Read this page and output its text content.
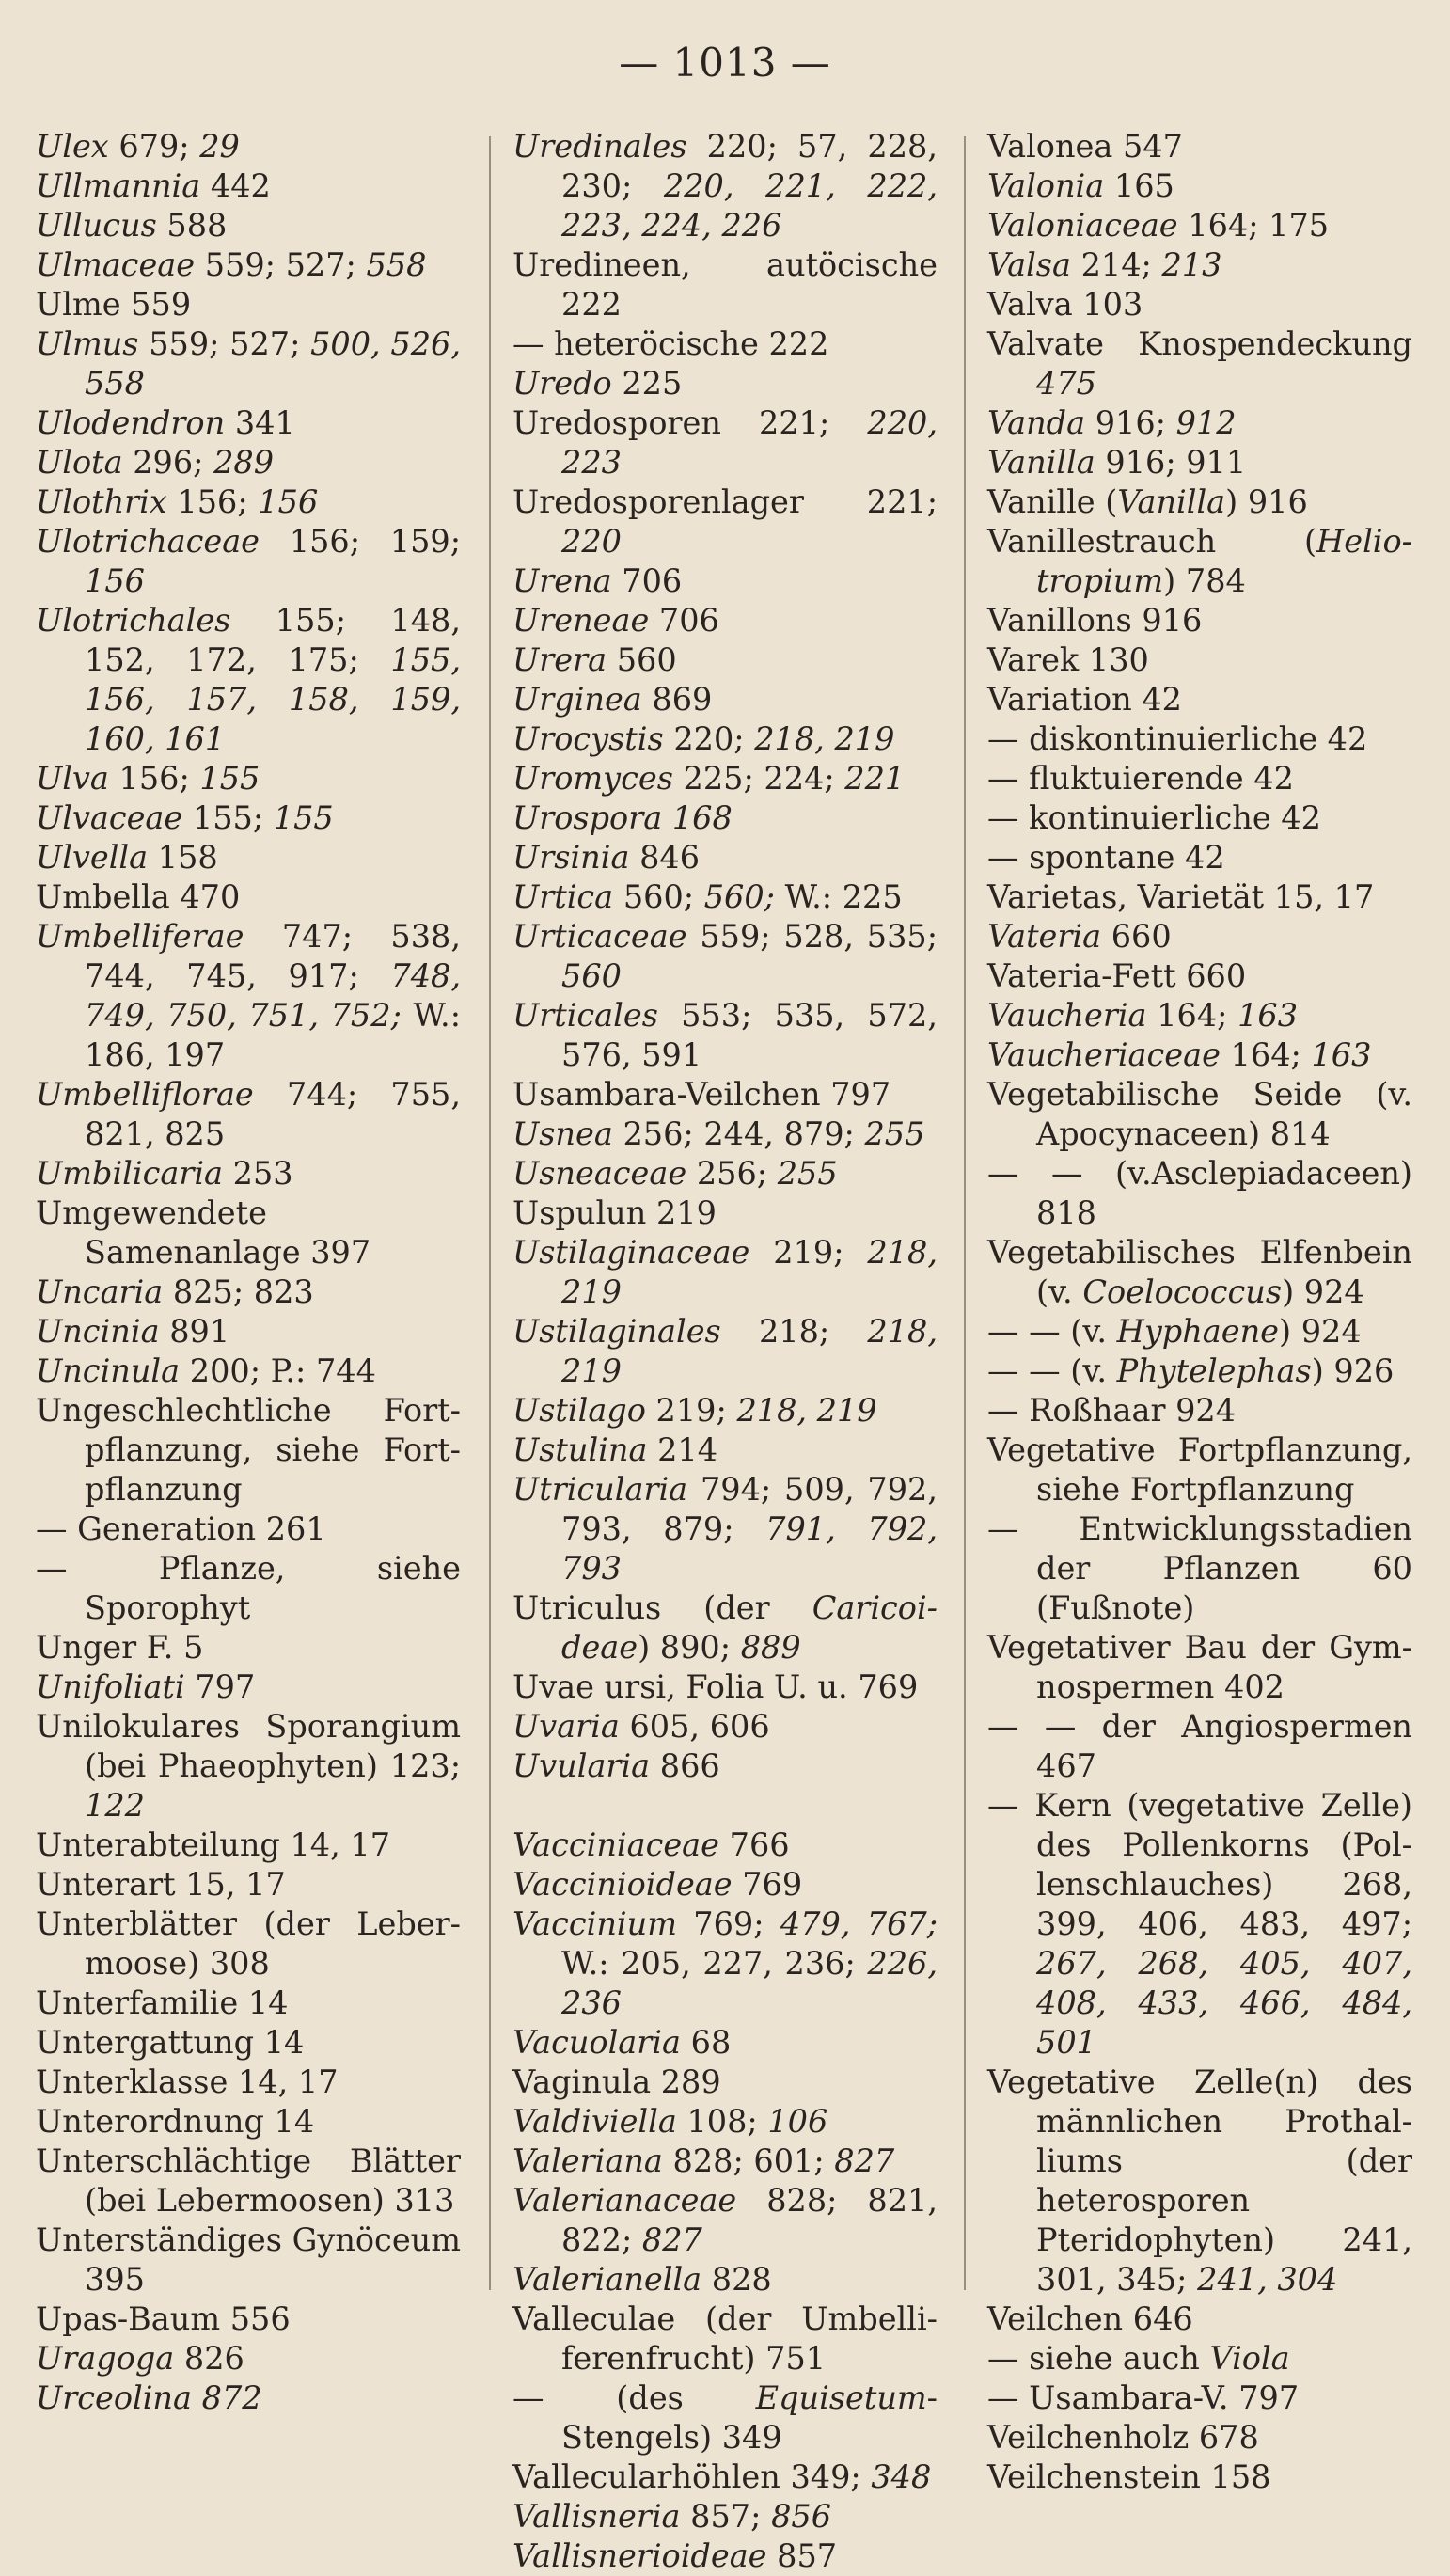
— 1013 —
Ulex 679; 29
Ullmannia 442
Ullucus 588
Ulmaceae 559; 527; 558
Ulme 559
Ulmus 559; 527; 500, 526, 558
Ulodendron 341
Ulota 296; 289
Ulothrix 156; 156
Ulotrichaceae 156; 159; 156
Ulotrichales 155; 148, 152, 172, 175; 155, 156, 157, 158, 159, 160, 161
Ulva 156; 155
Ulvaceae 155; 155
Ulvella 158
Umbella 470
Umbelliferae 747; 538, 744, 745, 917; 748, 749, 750, 751, 752; W.: 186, 197
Umbelliflorae 744; 755, 821, 825
Umbilicaria 253
Umgewendete Samenanlage 397
Uncaria 825; 823
Uncinia 891
Uncinula 200; P.: 744
Ungeschlechtliche Fort-pflanzung, siehe Fort-pflanzung
— Generation 261
— Pflanze, siehe Sporophyt
Unger F. 5
Unifoliati 797
Unilokulares Sporangium (bei Phaeophyten) 123; 122
Unterabteilung 14, 17
Unterart 15, 17
Unterblätter (der Leber-moose) 308
Unterfamilie 14
Untergattung 14
Unterklasse 14, 17
Unterordnung 14
Unterschlächtige Blätter (bei Lebermoosen) 313
Unterständiges Gynöceum 395
Upas-Baum 556
Uragoga 826
Urceolina 872
Uredinales 220; 57, 228, 230; 220, 221, 222, 223, 224, 226
Uredineen, autöcische 222
— heteröcische 222
Uredo 225
Uredosporen 221; 220, 223
Uredosporenlager 221; 220
Urena 706
Ureneae 706
Urera 560
Urginea 869
Urocystis 220; 218, 219
Uromyces 225; 224; 221
Urospora 168
Ursinia 846
Urtica 560; 560; W.: 225
Urticaceae 559; 528, 535; 560
Urticales 553; 535, 572, 576, 591
Usambara-Veilchen 797
Usnea 256; 244, 879; 255
Usneaceae 256; 255
Uspulun 219
Ustilaginaceae 219; 218, 219
Ustilaginales 218; 218, 219
Ustilago 219; 218, 219
Ustulina 214
Utricularia 794; 509, 792, 793, 879; 791, 792, 793
Utriculus (der Caricoi-deae) 890; 889
Uvae ursi, Folia U. u. 769
Uvaria 605, 606
Uvularia 866
Vacciniaceae 766
Vaccinioideae 769
Vaccinium 769; 479, 767; W.: 205, 227, 236; 226, 236
Vacuolaria 68
Vaginula 289
Valdiviella 108; 106
Valeriana 828; 601; 827
Valerianaceae 828; 821, 822; 827
Valerianella 828
Valleculae (der Umbelli-ferenfrucht) 751
— (des Equisetum-Stengels) 349
Vallecularhöhlen 349; 348
Vallisneria 857; 856
Vallisnerioideae 857
Valonea 547
Valonia 165
Valoniaceae 164; 175
Valsa 214; 213
Valva 103
Valvate Knospendeckung 475
Vanda 916; 912
Vanilla 916; 911
Vanille (Vanilla) 916
Vanillestrauch (Helio-tropium) 784
Vanillons 916
Varek 130
Variation 42
— diskontinuierliche 42
— fluktuierende 42
— kontinuierliche 42
— spontane 42
Varietas, Varietät 15, 17
Vateria 660
Vateria-Fett 660
Vaucheria 164; 163
Vaucheriaceae 164; 163
Vegetabilische Seide (v. Apocynaceen) 814
— — (v.Asclepiadaceen) 818
Vegetabilisches Elfenbein (v. Coelococcus) 924
— — (v. Hyphaene) 924
— — (v. Phytelephas) 926
— Roßhaar 924
Vegetative Fortpflanzung, siehe Fortpflanzung
— Entwicklungsstadien der Pflanzen 60 (Fußnote)
Vegetativer Bau der Gym-nospermen 402
— — der Angiospermen 467
— Kern (vegetative Zelle) des Pollenkorns (Pol-lenschlauches) 268, 399, 406, 483, 497; 267, 268, 405, 407, 408, 433, 466, 484, 501
Vegetative Zelle(n) des männlichen Prothal-liums (der heterosporen Pteridophyten) 241, 301, 345; 241, 304
Veilchen 646
— siehe auch Viola
— Usambara-V. 797
Veilchenholz 678
Veilchenstein 158
